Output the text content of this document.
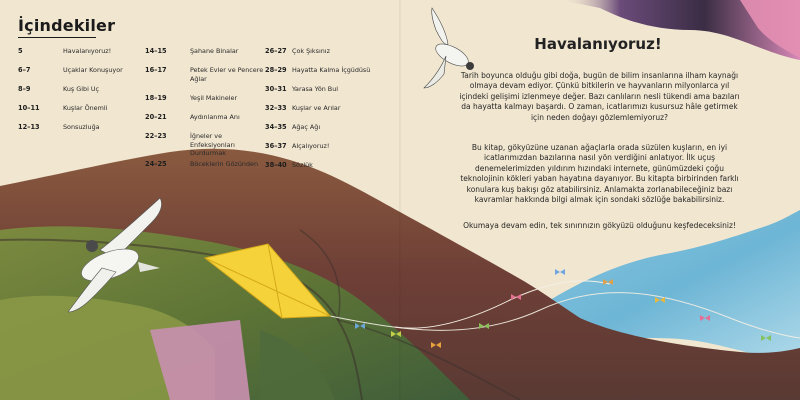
İçindekiler
5	Havalanıyoruz!
6–7	Uçaklar Konuşuyor
8–9	Kuş Gibi Uç
10–11	Kuşlar Önemli
12–13	Sonsuzluğa
14–15	Şahane Binalar
16–17	Petek Evler ve Pencere Ağlar
18–19	Yeşil Makineler
20–21	Aydınlanma Anı
22–23	İğneler ve Enfeksiyonları Durdurmak
24–25	Böceklerin Gözünden
26–27 Çok Şıksınız
28–29 Hayatta Kalma İçgüdüsü
30–31 Yarasa Yön Bul
32–33 Kuşlar ve Arılar
34–35 Ağaç Ağı
36–37 Alçalıyoruz!
38–40 Sözlük
Havalanıyoruz!

Tarih boyunca olduğu gibi doğa, bugün de bilim insanlarına ilham kaynağı olmaya devam ediyor. Çünkü bitkilerin ve hayvanların milyonlarca yıl içindeki gelişimi izlenmeye değer. Bazı canlıların nesli tükendi ama bazıları da hayatta kalmayı başardı. O zaman, icatlarımızı kusursuz hâle getirmek için neden doğayı gözlemlemiyoruz?

Bu kitap, gökyüzüne uzanan ağaçlarla orada süzülen kuşların, en iyi icatlarımızdan bazılarına nasıl yön verdiğini anlatıyor. İlk uçuş denemelerimizden yıldırım hızındaki internete, günümüzdeki çoğu teknolojinin kökleri yaban hayatına dayanıyor. Bu kitapta birbirinden farklı konulara kuş bakışı göz atabilirsiniz. Anlamakta zorlanabileceğiniz bazı kavramlar hakkında bilgi almak için sondaki sözlüğe bakabilirsiniz.

Okumaya devam edin, tek sınırınızın gökyüzü olduğunu keşfedeceksiniz!
